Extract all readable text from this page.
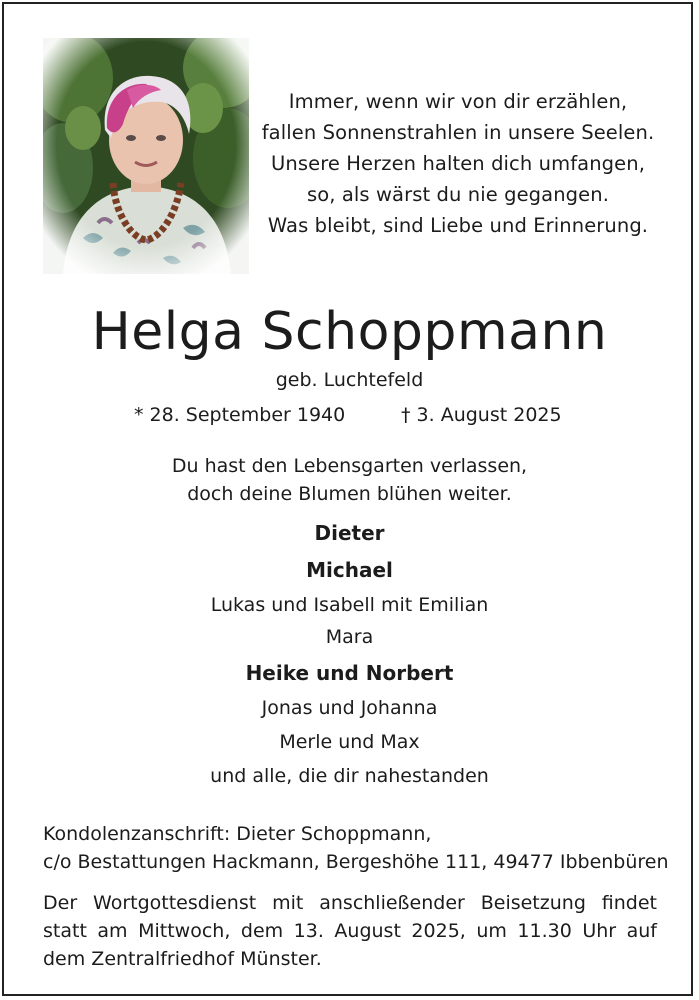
Immer, wenn wir von dir erzählen,
fallen Sonnenstrahlen in unsere Seelen.
Unsere Herzen halten dich umfangen,
so, als wärst du nie gegangen.
Was bleibt, sind Liebe und Erinnerung.
Helga Schoppmann
geb. Luchtefeld
* 28. September 1940	† 3. August 2025
Du hast den Lebensgarten verlassen,
doch deine Blumen blühen weiter.
Dieter
Michael
Lukas und Isabell mit Emilian
Mara
Heike und Norbert
Jonas und Johanna
Merle und Max
und alle, die dir nahestanden
Kondolenzanschrift: Dieter Schoppmann,
c/o Bestattungen Hackmann, Bergeshöhe 111, 49477 Ibbenbüren
Der Wortgottesdienst mit anschließender Beisetzung findet
statt am Mittwoch, dem 13. August 2025, um 11.30 Uhr auf
dem Zentralfriedhof Münster.
